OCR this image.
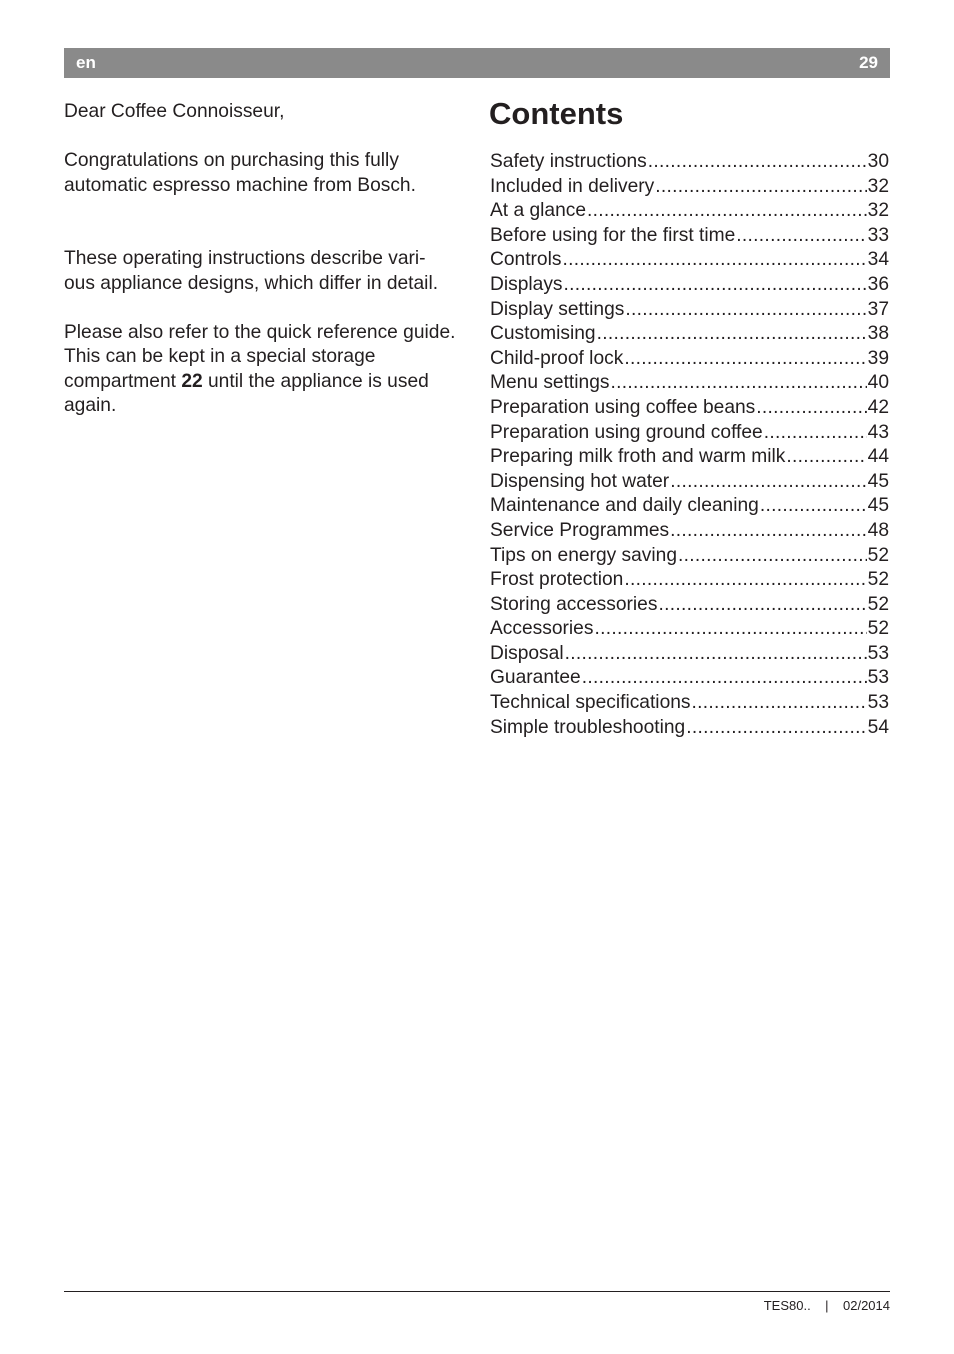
en	29

Dear Coffee Connoisseur,

Congratulations on purchasing this fully automatic espresso machine from Bosch.

These operating instructions describe vari-
ous appliance designs, which differ in detail.

Please also refer to the quick reference guide. This can be kept in a special storage compartment 22 until the appliance is used again.

Contents
Safety instructions .....	30
Included in delivery .....	32
At a glance .....	32
Before using for the first time .....	33
Controls .....	34
Displays .....	36
Display settings .....	37
Customising .....	38
Child-proof lock .....	39
Menu settings .....	40
Preparation using coffee beans .....	42
Preparation using ground coffee .....	43
Preparing milk froth and warm milk .....	44
Dispensing hot water .....	45
Maintenance and daily cleaning .....	45
Service Programmes .....	48
Tips on energy saving .....	52
Frost protection .....	52
Storing accessories .....	52
Accessories .....	52
Disposal .....	53
Guarantee .....	53
Technical specifications .....	53
Simple troubleshooting .....	54
TES80.. | 02/2014
